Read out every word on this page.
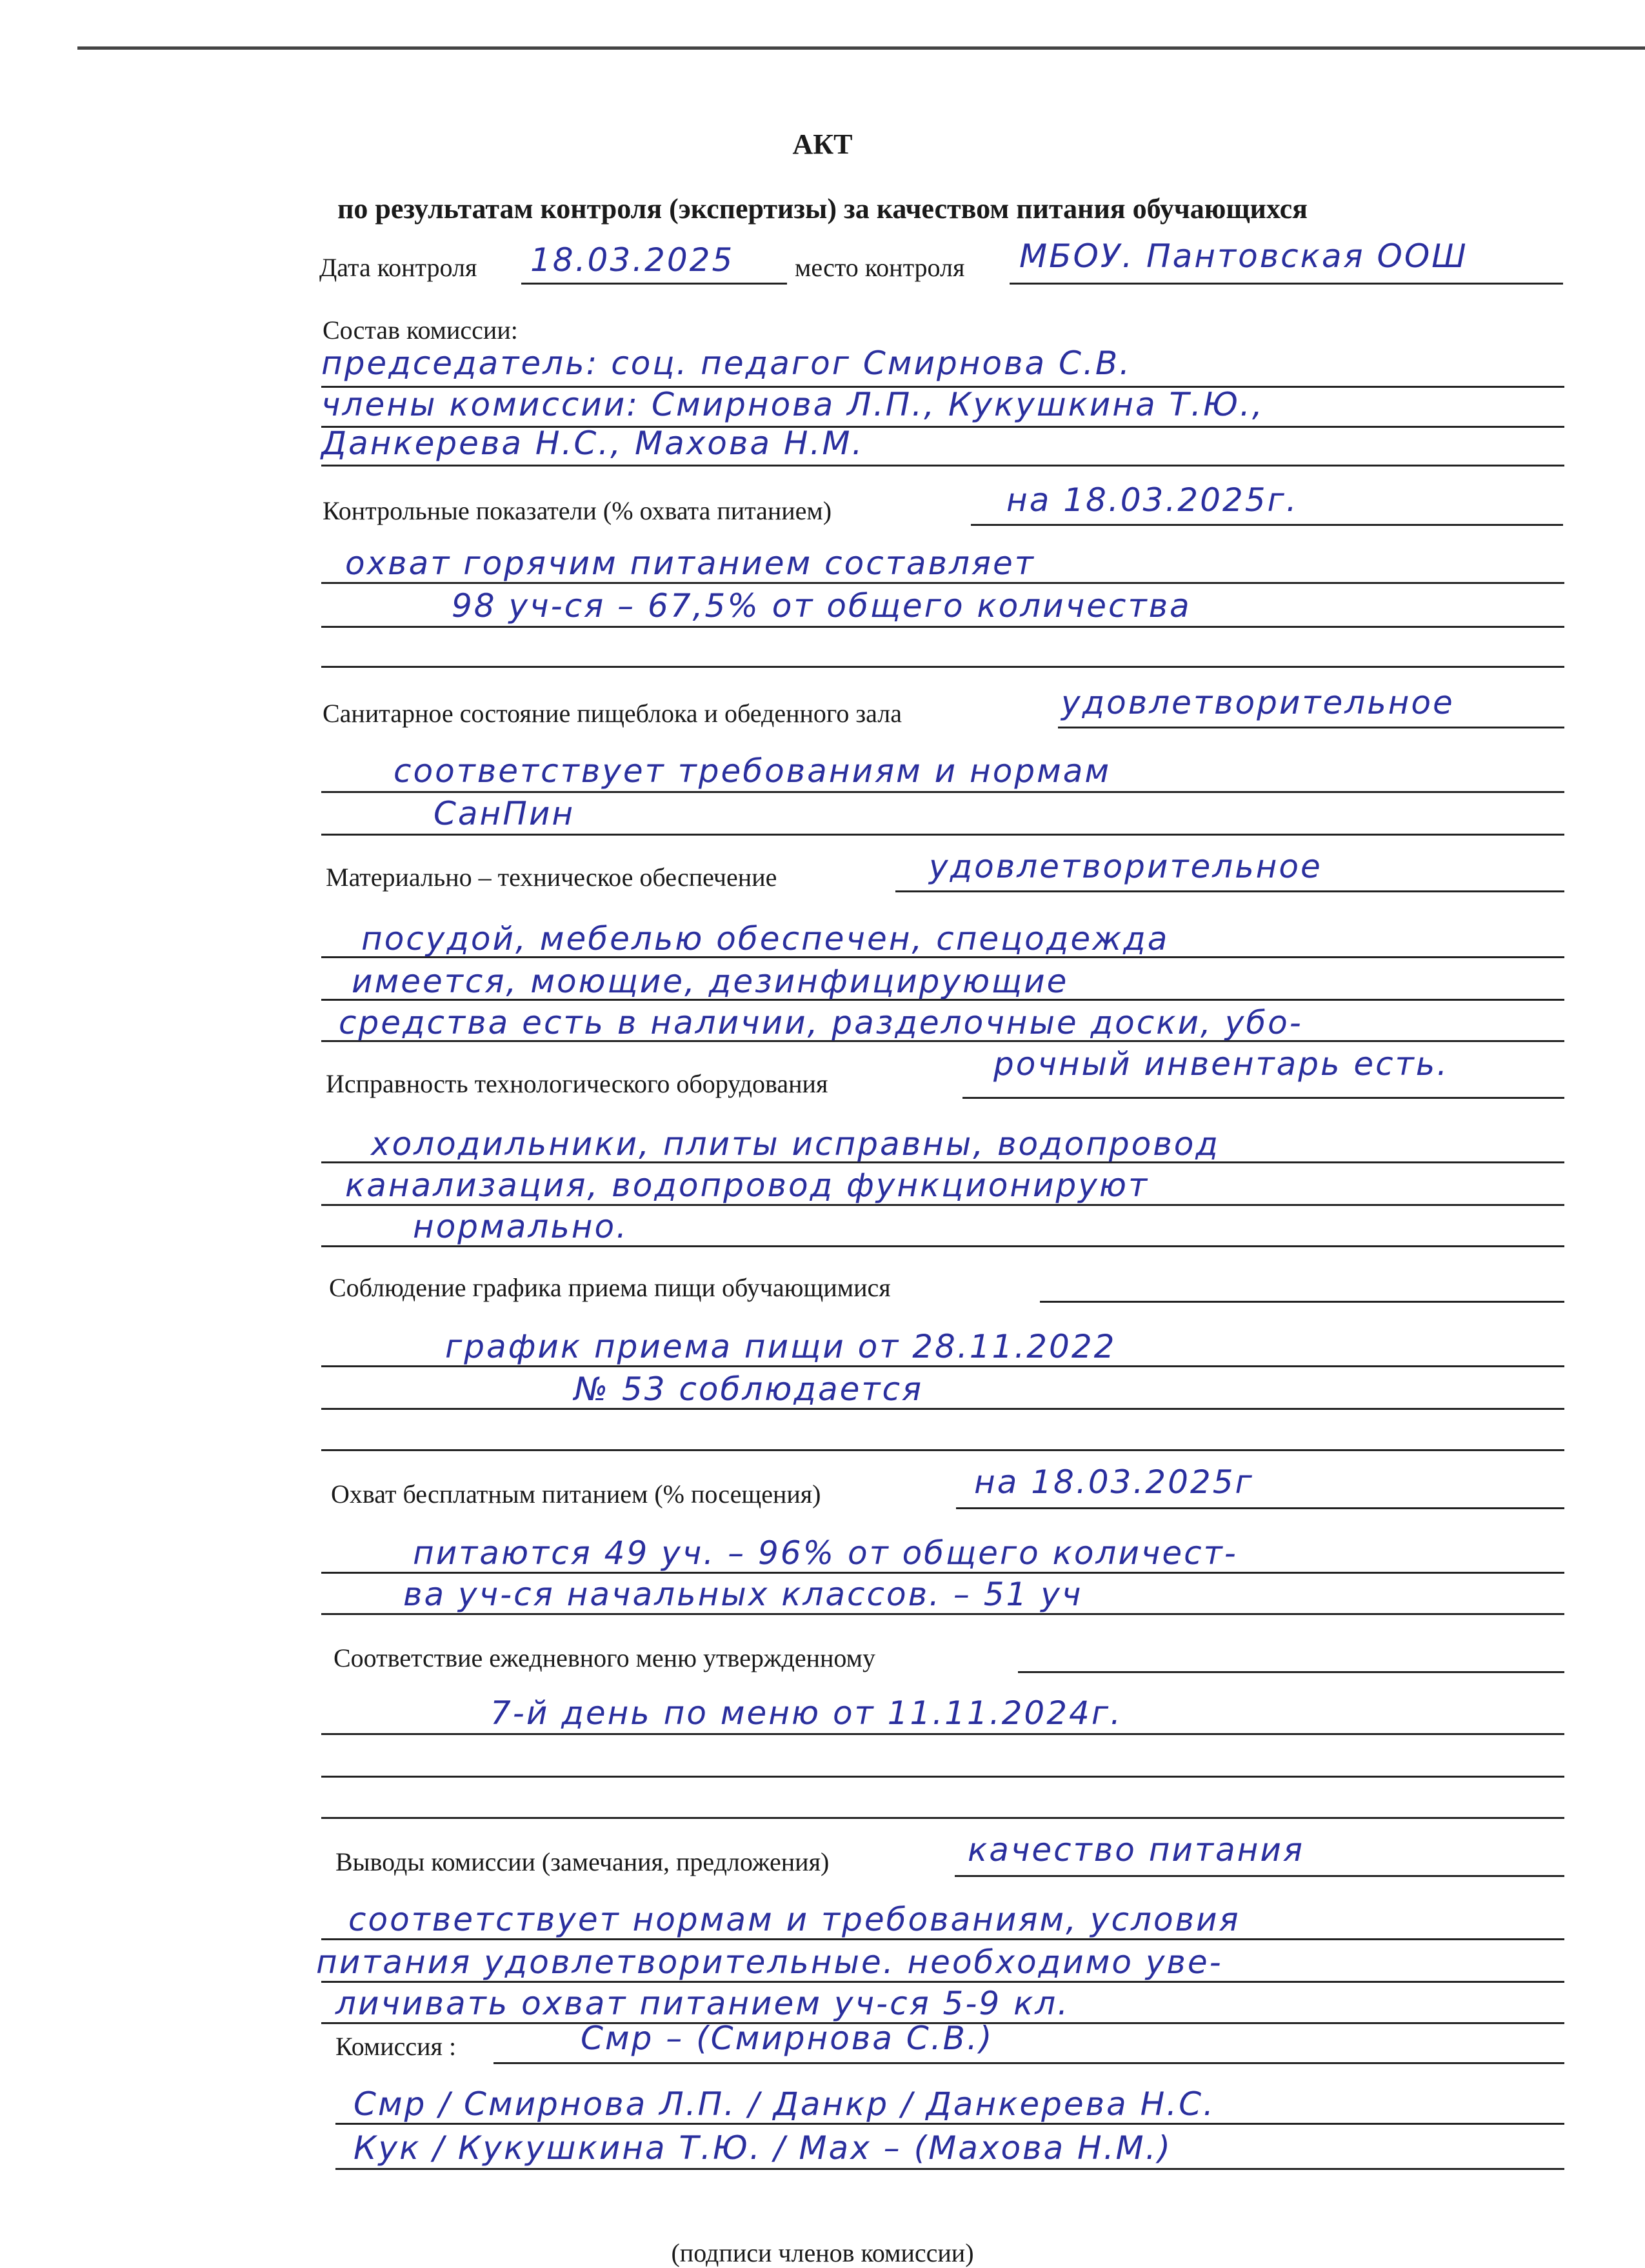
АКТ
по результатам контроля (экспертизы) за качеством питания обучающихся
Дата контроля 18.03.2025 место контроля МБОУ. Пантовская ООШ
Состав комиссии:
председатель: соц. педагог Смирнова С.В.
члены комиссии: Смирнова Л.П., Кукушкина Т.Ю.,
Данкерева Н.С., Махова Н.М.
Контрольные показатели (% охвата питанием)	на 18.03.2025г.
охват горячим питанием составляет
98 уч-ся – 67,5% от общего количества
Санитарное состояние пищеблока и обеденного зала	удовлетворительное
соответствует требованиям и нормам
СанПин
Материально – техническое обеспечение	удовлетворительное
посудой, мебелью обеспечен, спецодежда
имеется, моющие, дезинфицирующие
средства есть в наличии, разделочные доски, убо-
рочный инвентарь есть.
Исправность технологического оборудования
холодильники, плиты исправны, водопровод
канализация, водопровод функционируют
нормально.
Соблюдение графика приема пищи обучающимися
график приема пищи от 28.11.2022
№ 53 соблюдается
Охват бесплатным питанием (% посещения)	на 18.03.2025г
питаются 49 уч. – 96% от общего количест-
ва уч-ся начальных классов. – 51 уч
Соответствие ежедневного меню утвержденному
7-й день по меню от 11.11.2024г.
Выводы комиссии (замечания, предложения)	качество питания
соответствует нормам и требованиям, условия
питания удовлетворительные. необходимо уве-
личивать охват питанием уч-ся 5-9 кл.
Комиссия :	Смр – (Смирнова С.В.)
Смр / Смирнова Л.П. / Данкр / Данкерева Н.С.
Кук / Кукушкина Т.Ю. / Мах – (Махова Н.М.)
(подписи членов комиссии)
